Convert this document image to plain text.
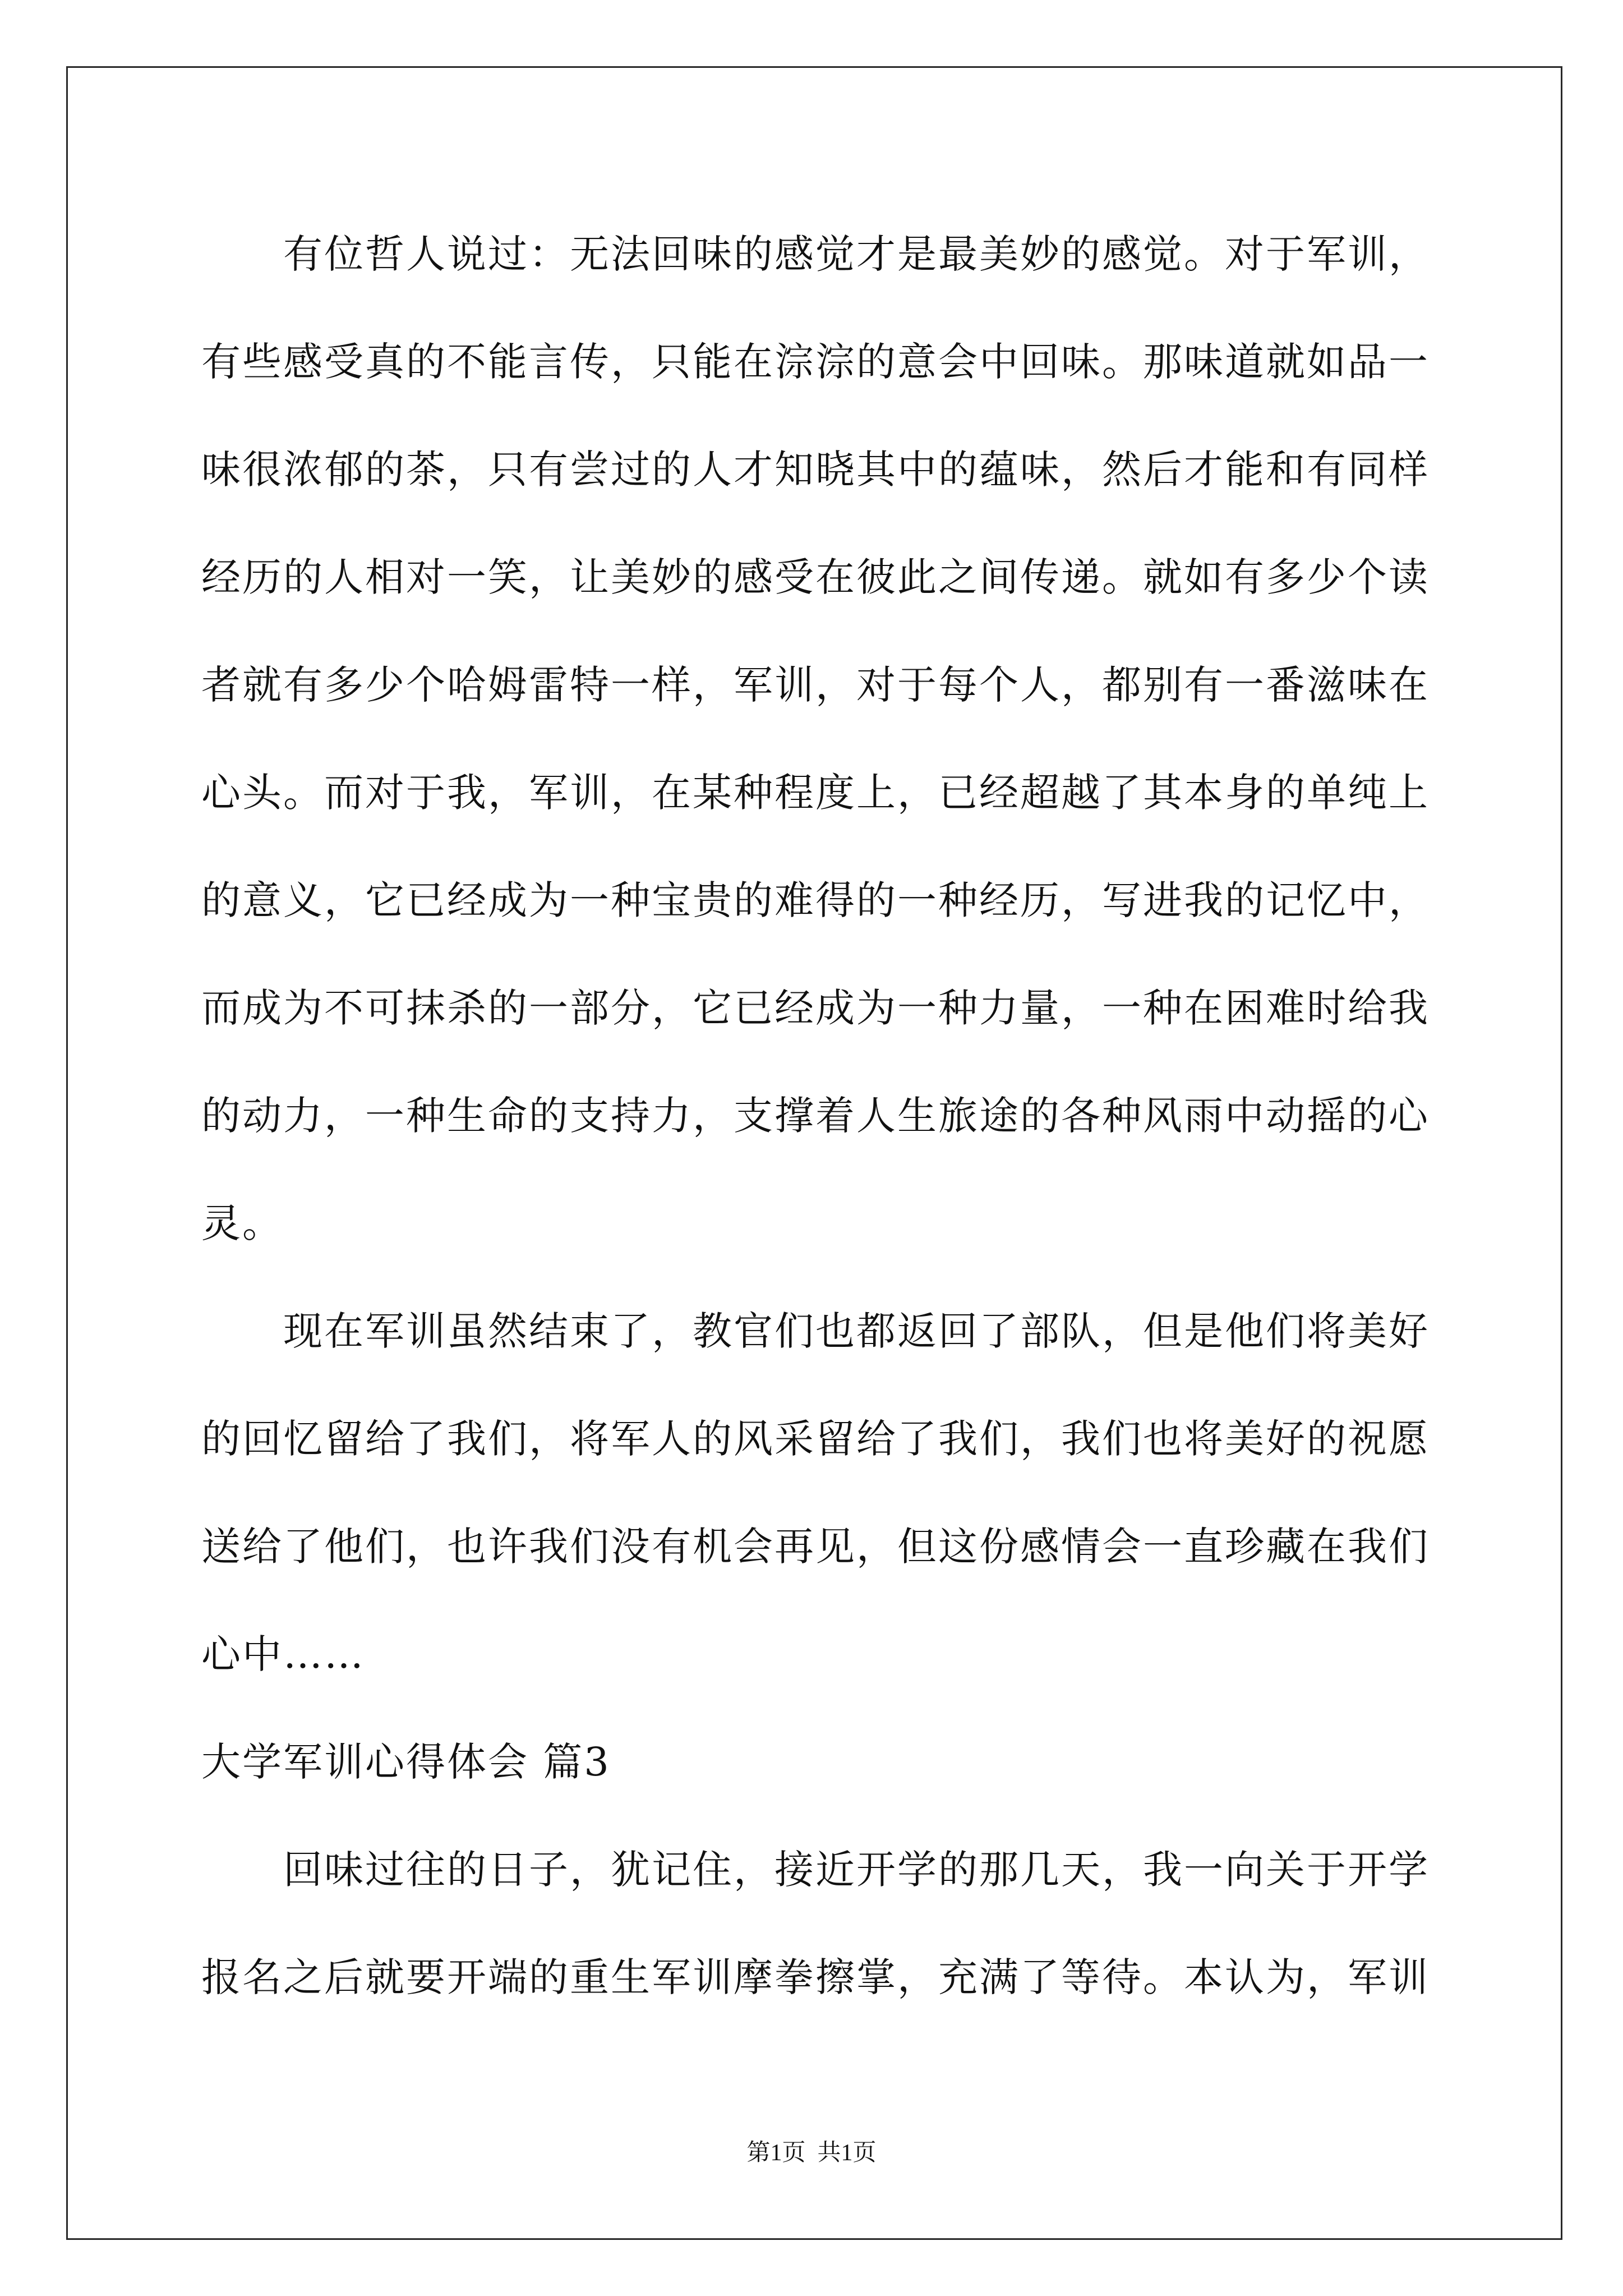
有位哲人说过：无法回味的感觉才是最美妙的感觉。对于军训，
有些感受真的不能言传，只能在淙淙的意会中回味。那味道就如品一
味很浓郁的茶，只有尝过的人才知晓其中的蕴味，然后才能和有同样
经历的人相对一笑，让美妙的感受在彼此之间传递。就如有多少个读
者就有多少个哈姆雷特一样，军训，对于每个人，都别有一番滋味在
心头。而对于我，军训，在某种程度上，已经超越了其本身的单纯上
的意义，它已经成为一种宝贵的难得的一种经历，写进我的记忆中，
而成为不可抹杀的一部分，它已经成为一种力量，一种在困难时给我
的动力，一种生命的支持力，支撑着人生旅途的各种风雨中动摇的心
灵。
现在军训虽然结束了，教官们也都返回了部队，但是他们将美好
的回忆留给了我们，将军人的风采留给了我们，我们也将美好的祝愿
送给了他们，也许我们没有机会再见，但这份感情会一直珍藏在我们
心中……
大学军训心得体会 篇3
回味过往的日子，犹记住，接近开学的那几天，我一向关于开学
报名之后就要开端的重生军训摩拳擦掌，充满了等待。本认为，军训
第1页  共1页
